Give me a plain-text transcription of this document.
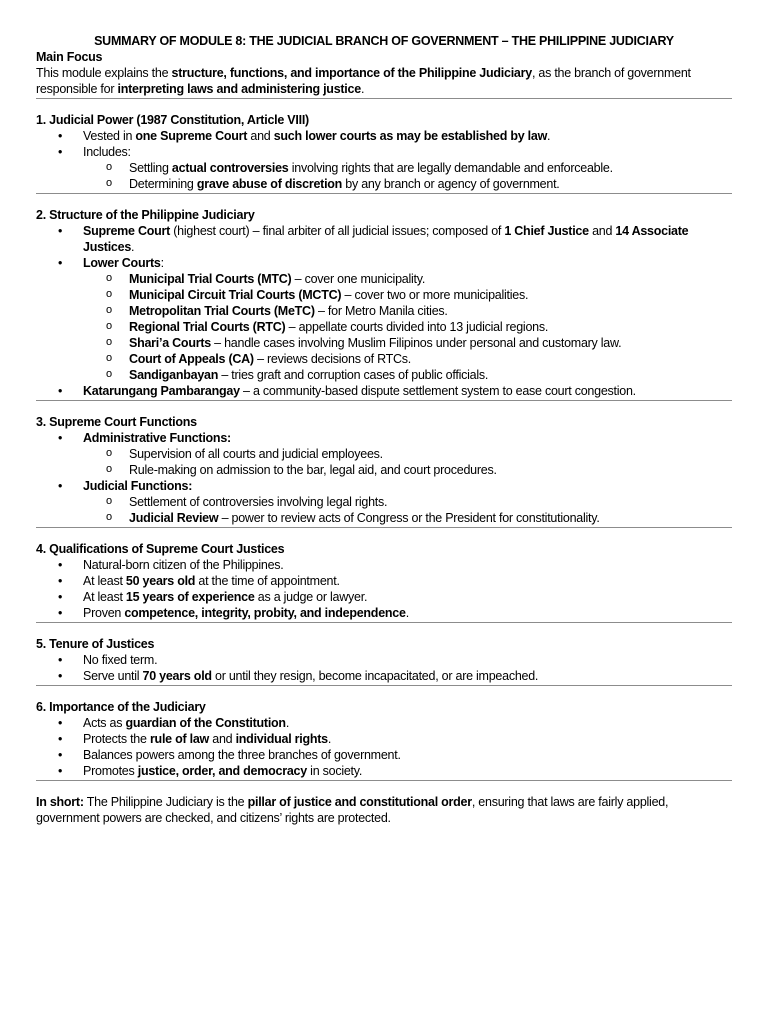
SUMMARY OF MODULE 8: THE JUDICIAL BRANCH OF GOVERNMENT – THE PHILIPPINE JUDICIARY

Main Focus

This module explains the structure, functions, and importance of the Philippine Judiciary, as the branch of government responsible for interpreting laws and administering justice.

1. Judicial Power (1987 Constitution, Article VIII)

• Vested in one Supreme Court and such lower courts as may be established by law.
• Includes:
o Settling actual controversies involving rights that are legally demandable and enforceable.
o Determining grave abuse of discretion by any branch or agency of government.

2. Structure of the Philippine Judiciary

• Supreme Court (highest court) – final arbiter of all judicial issues; composed of 1 Chief Justice and 14 Associate Justices.
• Lower Courts:
o Municipal Trial Courts (MTC) – cover one municipality.
o Municipal Circuit Trial Courts (MCTC) – cover two or more municipalities.
o Metropolitan Trial Courts (MeTC) – for Metro Manila cities.
o Regional Trial Courts (RTC) – appellate courts divided into 13 judicial regions.
o Shari’a Courts – handle cases involving Muslim Filipinos under personal and customary law.
o Court of Appeals (CA) – reviews decisions of RTCs.
o Sandiganbayan – tries graft and corruption cases of public officials.
• Katarungang Pambarangay – a community-based dispute settlement system to ease court congestion.

3. Supreme Court Functions

• Administrative Functions:
o Supervision of all courts and judicial employees.
o Rule-making on admission to the bar, legal aid, and court procedures.
• Judicial Functions:
o Settlement of controversies involving legal rights.
o Judicial Review – power to review acts of Congress or the President for constitutionality.

4. Qualifications of Supreme Court Justices

• Natural-born citizen of the Philippines.
• At least 50 years old at the time of appointment.
• At least 15 years of experience as a judge or lawyer.
• Proven competence, integrity, probity, and independence.

5. Tenure of Justices

• No fixed term.
• Serve until 70 years old or until they resign, become incapacitated, or are impeached.

6. Importance of the Judiciary

• Acts as guardian of the Constitution.
• Protects the rule of law and individual rights.
• Balances powers among the three branches of government.
• Promotes justice, order, and democracy in society.

In short: The Philippine Judiciary is the pillar of justice and constitutional order, ensuring that laws are fairly applied, government powers are checked, and citizens’ rights are protected.
